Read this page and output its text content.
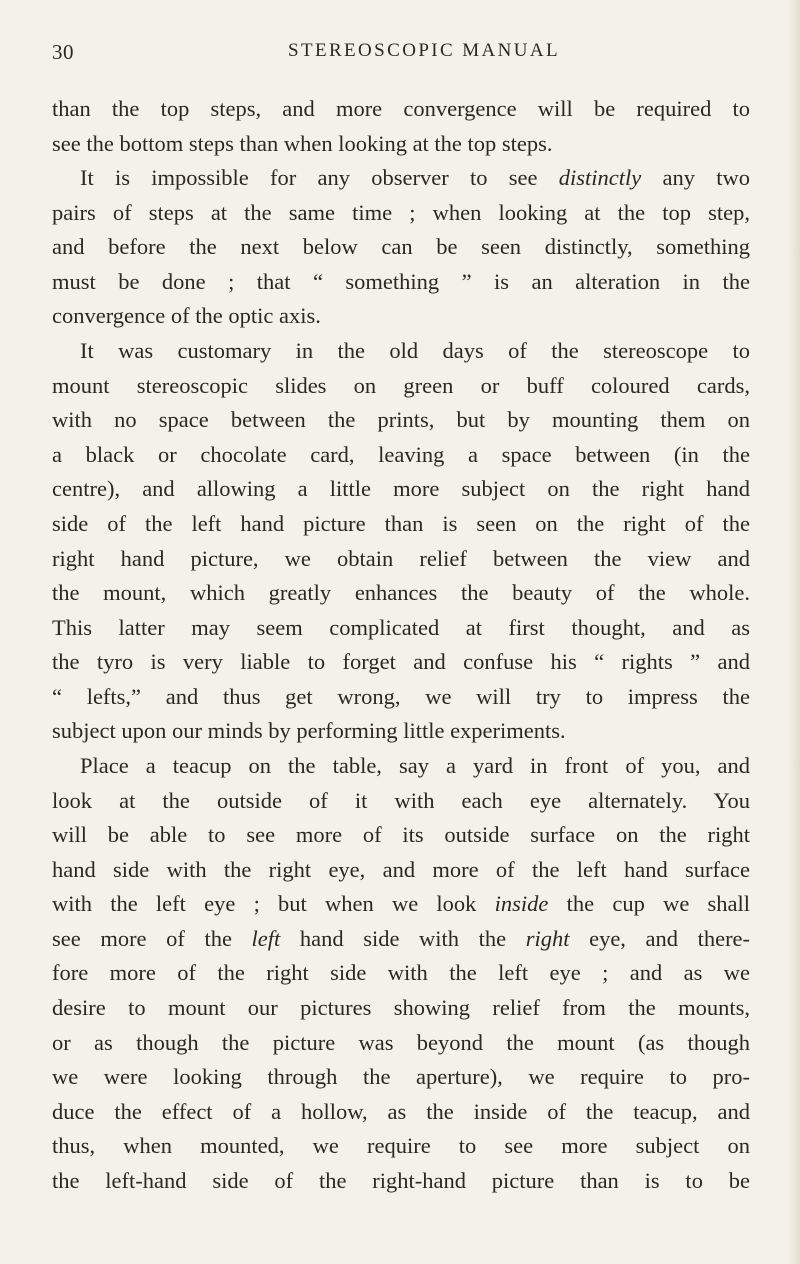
30	STEREOSCOPIC MANUAL
than the top steps, and more convergence will be required to
see the bottom steps than when looking at the top steps.
It is impossible for any observer to see distinctly any two
pairs of steps at the same time ; when looking at the top step,
and before the next below can be seen distinctly, something
must be done ; that “ something ” is an alteration in the
convergence of the optic axis.
It was customary in the old days of the stereoscope to
mount stereoscopic slides on green or buff coloured cards,
with no space between the prints, but by mounting them on
a black or chocolate card, leaving a space between (in the
centre), and allowing a little more subject on the right hand
side of the left hand picture than is seen on the right of the
right hand picture, we obtain relief between the view and
the mount, which greatly enhances the beauty of the whole.
This latter may seem complicated at first thought, and as
the tyro is very liable to forget and confuse his “ rights ” and
“ lefts,” and thus get wrong, we will try to impress the
subject upon our minds by performing little experiments.
Place a teacup on the table, say a yard in front of you, and
look at the outside of it with each eye alternately. You
will be able to see more of its outside surface on the right
hand side with the right eye, and more of the left hand surface
with the left eye ; but when we look inside the cup we shall
see more of the left hand side with the right eye, and there-
fore more of the right side with the left eye ; and as we
desire to mount our pictures showing relief from the mounts,
or as though the picture was beyond the mount (as though
we were looking through the aperture), we require to pro-
duce the effect of a hollow, as the inside of the teacup, and
thus, when mounted, we require to see more subject on
the left-hand side of the right-hand picture than is to be
